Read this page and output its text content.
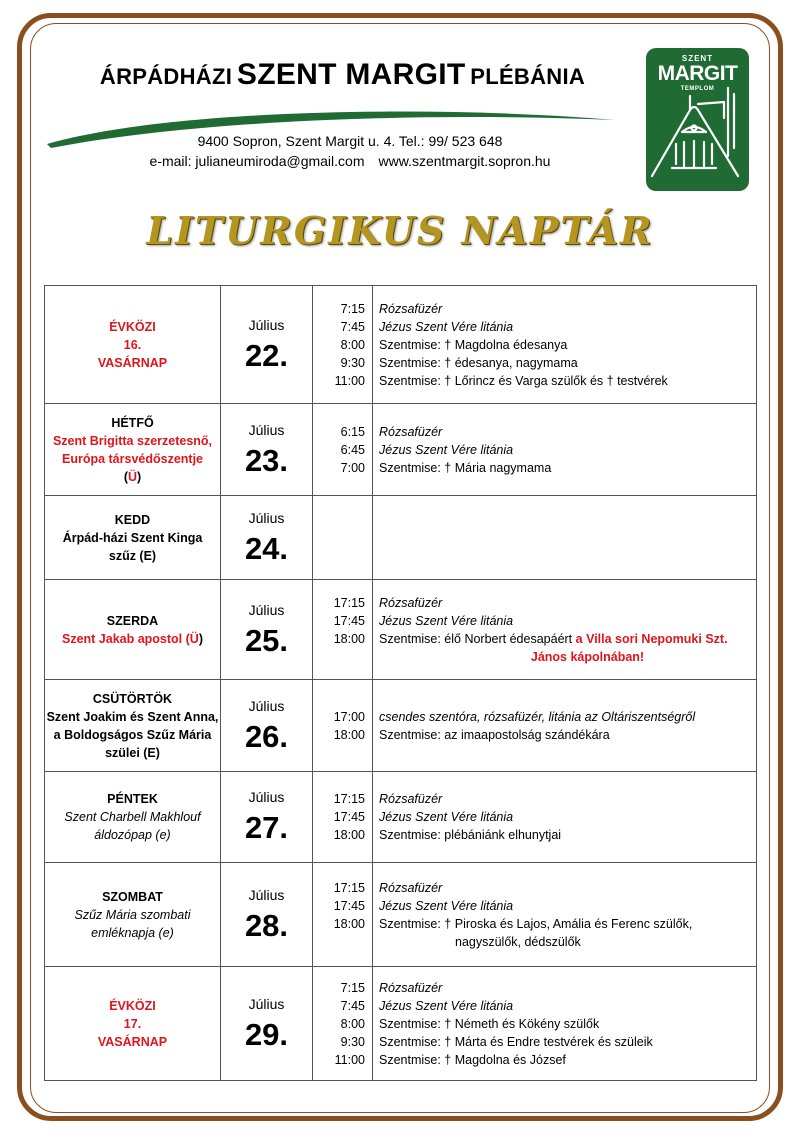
ÁRPÁDHÁZI SZENT MARGIT PLÉBÁNIA
9400 Sopron, Szent Margit u. 4. Tel.: 99/ 523 648
e-mail: julianeumiroda@gmail.com www.szentmargit.sopron.hu
SZENT
MARGIT
TEMPLOM
LITURGIKUS NAPTÁR
ÉVKÖZI
16.
VASÁRNAP	Július
22.	7:15
7:45
8:00
9:30
11:00	Rózsafüzér
Jézus Szent Vére litánia
Szentmise: † Magdolna édesanya
Szentmise: † édesanya, nagymama
Szentmise: † Lőrincz és Varga szülők és † testvérek

HÉTFŐ
Szent Brigitta szerzetesnő,
Európa társvédőszentje
(Ü)	Július
23.	6:15
6:45
7:00	Rózsafüzér
Jézus Szent Vére litánia
Szentmise: † Mária nagymama

KEDD
Árpád-házi Szent Kinga
szűz (E)	Július
24.		

SZERDA
Szent Jakab apostol (Ü)	Július
25.	17:15
17:45
18:00	Rózsafüzér
Jézus Szent Vére litánia
Szentmise: élő Norbert édesapáért a Villa sori Nepomuki Szt.
János kápolnában!

CSÜTÖRTÖK
Szent Joakim és Szent Anna,
a Boldogságos Szűz Mária
szülei (E)	Július
26.	17:00
18:00	csendes szentóra, rózsafüzér, litánia az Oltáriszentségről
Szentmise: az imaapostolság szándékára

PÉNTEK
Szent Charbell Makhlouf
áldozópap (e)	Július
27.	17:15
17:45
18:00	Rózsafüzér
Jézus Szent Vére litánia
Szentmise: plébániánk elhunytjai

SZOMBAT
Szűz Mária szombati
emléknapja (e)	Július
28.	17:15
17:45
18:00	Rózsafüzér
Jézus Szent Vére litánia
Szentmise: † Piroska és Lajos, Amália és Ferenc szülők,
nagyszülők, dédszülők

ÉVKÖZI
17.
VASÁRNAP	Július
29.	7:15
7:45
8:00
9:30
11:00	Rózsafüzér
Jézus Szent Vére litánia
Szentmise: † Németh és Kökény szülők
Szentmise: † Márta és Endre testvérek és szüleik
Szentmise: † Magdolna és József
